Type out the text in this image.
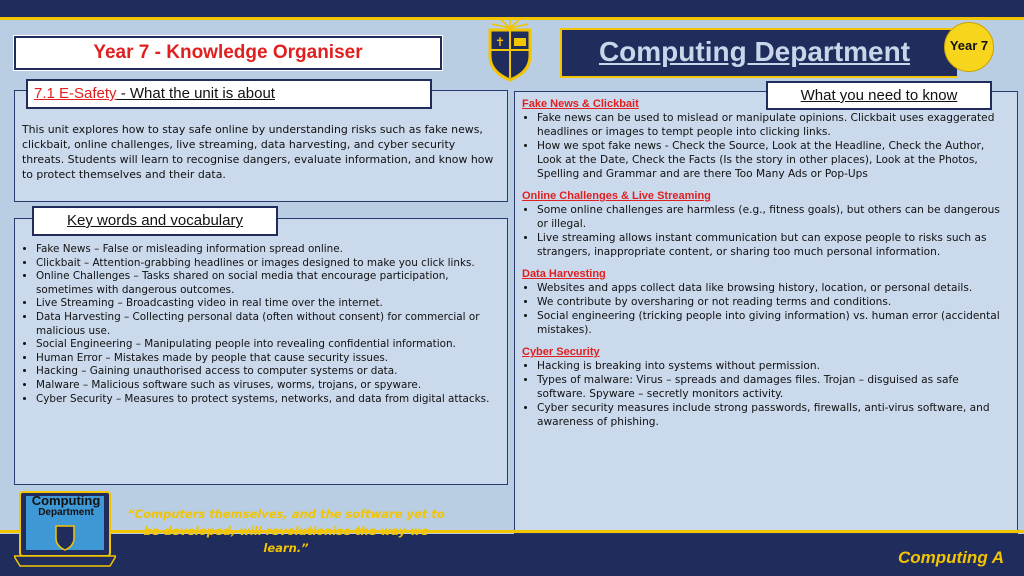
Year 7 - Knowledge Organiser	Computing Department
✝	Year 7
7.1 E-Safety - What the unit is about
This unit explores how to stay safe online by understanding risks such as fake news, clickbait, online challenges, live streaming, data harvesting, and cyber security threats. Students will learn to recognise dangers, evaluate information, and know how to protect themselves and their data.
Key words and vocabulary
• Fake News – False or misleading information spread online.
• Clickbait – Attention-grabbing headlines or images designed to make you click links.
• Online Challenges – Tasks shared on social media that encourage participation, sometimes with dangerous outcomes.
• Live Streaming – Broadcasting video in real time over the internet.
• Data Harvesting – Collecting personal data (often without consent) for commercial or malicious use.
• Social Engineering – Manipulating people into revealing confidential information.
• Human Error – Mistakes made by people that cause security issues.
• Hacking – Gaining unauthorised access to computer systems or data.
• Malware – Malicious software such as viruses, worms, trojans, or spyware.
• Cyber Security – Measures to protect systems, networks, and data from digital attacks.
What you need to know
Fake News & Clickbait
• Fake news can be used to mislead or manipulate opinions. Clickbait uses exaggerated headlines or images to tempt people into clicking links.
• How we spot fake news - Check the Source, Look at the Headline, Check the Author, Look at the Date, Check the Facts (Is the story in other places), Look at the Photos, Spelling and Grammar and are there Too Many Ads or Pop-Ups
Online Challenges & Live Streaming
• Some online challenges are harmless (e.g., fitness goals), but others can be dangerous or illegal.
• Live streaming allows instant communication but can expose people to risks such as strangers, inappropriate content, or sharing too much personal information.
Data Harvesting
• Websites and apps collect data like browsing history, location, or personal details.
• We contribute by oversharing or not reading terms and conditions.
• Social engineering (tricking people into giving information) vs. human error (accidental mistakes).
Cyber Security
• Hacking is breaking into systems without permission.
• Types of malware: Virus – spreads and damages files. Trojan – disguised as safe software. Spyware – secretly monitors activity.
• Cyber security measures include strong passwords, firewalls, anti-virus software, and awareness of phishing.
Computing
Department	“Computers themselves, and the software yet to be developed, will revolutionise the way we learn.”	Computing A
